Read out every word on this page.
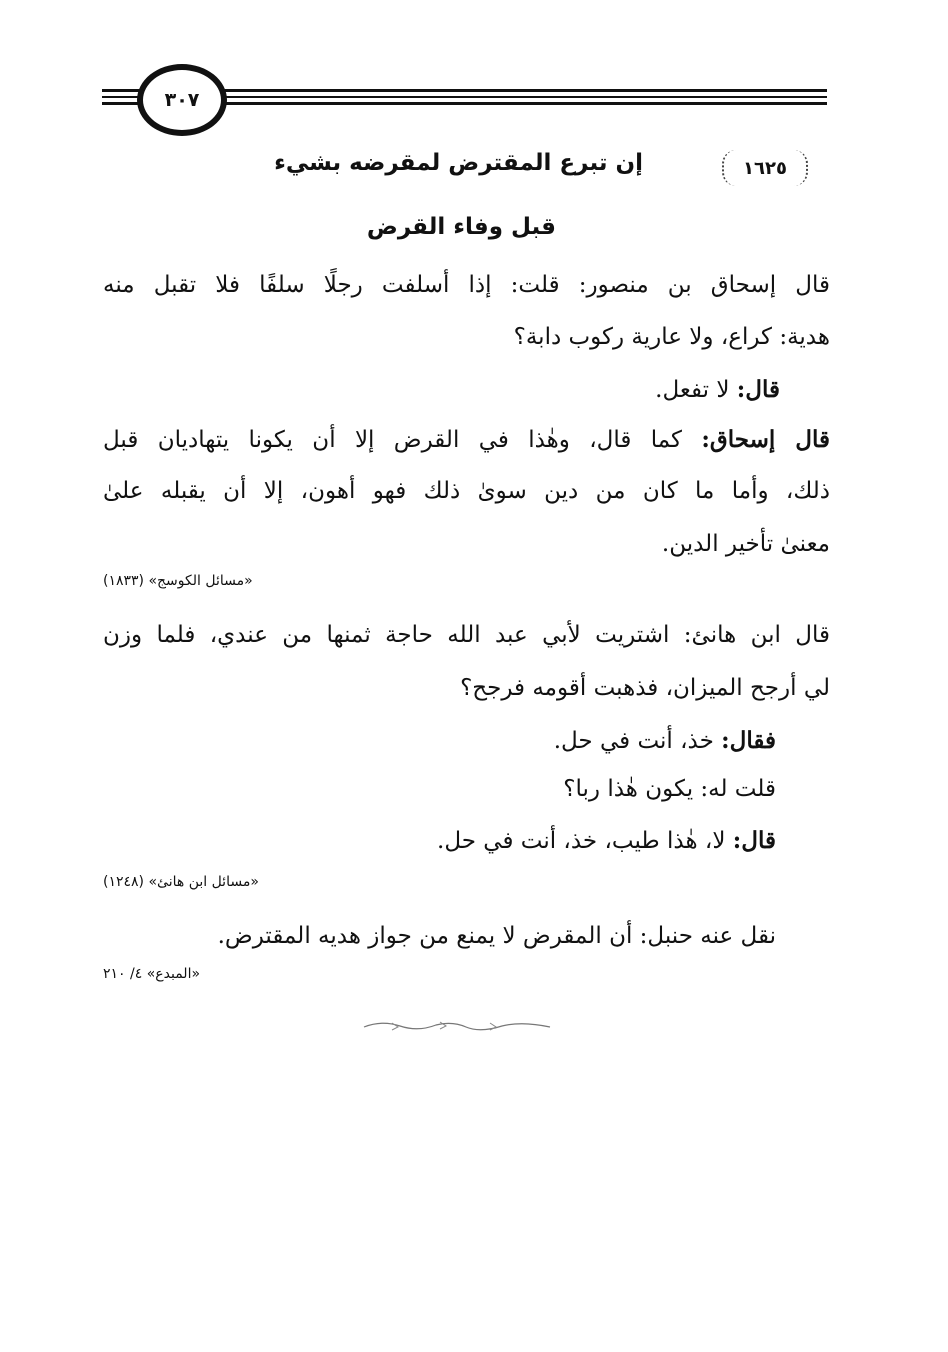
٣٠٧
١٦٢٥
إن تبرع المقترض لمقرضه بشيء
قبل وفاء القرض
قال إسحاق بن منصور: قلت: إذا أسلفت رجلًا سلفًا فلا تقبل منه
هدية: كراع، ولا عارية ركوب دابة؟
قال: لا تفعل.
قال إسحاق: كما قال، وهٰذا في القرض إلا أن يكونا يتهاديان قبل
ذلك، وأما ما كان من دين سوىٰ ذلك فهو أهون، إلا أن يقبله علىٰ
معنىٰ تأخير الدين.
«مسائل الكوسج» (١٨٣٣)
قال ابن هانئ: اشتريت لأبي عبد الله حاجة ثمنها من عندي، فلما وزن
لي أرجح الميزان، فذهبت أقومه فرجح؟
فقال: خذ، أنت في حل.
قلت له: يكون هٰذا ربا؟
قال: لا، هٰذا طيب، خذ، أنت في حل.
«مسائل ابن هانئ» (١٢٤٨)
نقل عنه حنبل: أن المقرض لا يمنع من جواز هديه المقترض.
«المبدع» ٤/ ٢١٠
